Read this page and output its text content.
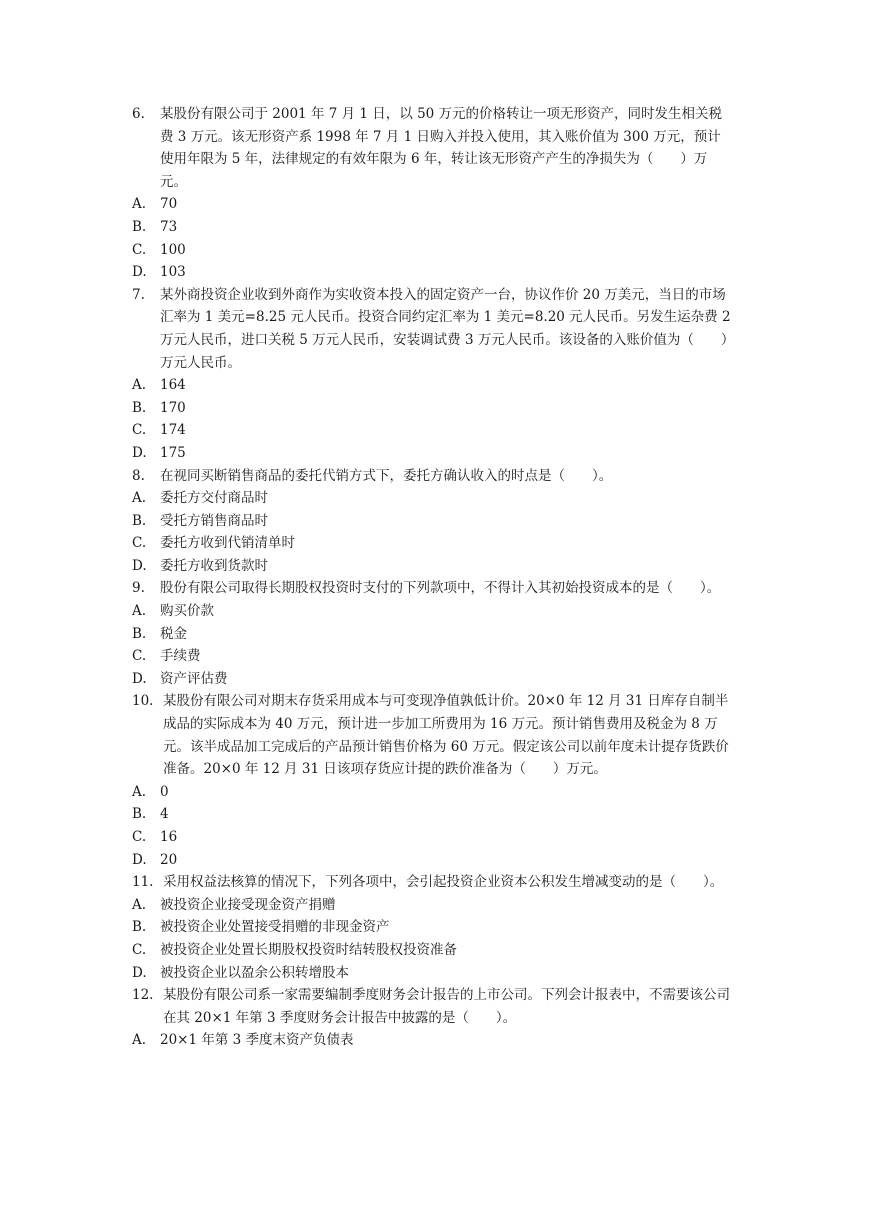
6.	某股份有限公司于 2001 年 7 月 1 日，以 50 万元的价格转让一项无形资产，同时发生相关税费 3 万元。该无形资产系 1998 年 7 月 1 日购入并投入使用，其入账价值为 300 万元，预计使用年限为 5 年，法律规定的有效年限为 6 年，转让该无形资产产生的净损失为（　　）万元。
A.	70
B.	73
C.	100
D. 103
7.	某外商投资企业收到外商作为实收资本投入的固定资产一台，协议作价 20 万美元，当日的市场汇率为 1 美元=8.25 元人民币。投资合同约定汇率为 1 美元=8.20 元人民币。另发生运杂费 2 万元人民币，进口关税 5 万元人民币，安装调试费 3 万元人民币。该设备的入账价值为（　　）万元人民币。
A.	164
B.	170
C.	174
D. 175
8.	在视同买断销售商品的委托代销方式下，委托方确认收入的时点是（　　）。
A.	委托方交付商品时
B.	受托方销售商品时
C.	委托方收到代销清单时
D. 委托方收到货款时
9.	股份有限公司取得长期股权投资时支付的下列款项中，不得计入其初始投资成本的是（　　）。
A.	购买价款
B.	税金
C.	手续费
D. 资产评估费
10. 某股份有限公司对期末存货采用成本与可变现净值孰低计价。20×0 年 12 月 31 日库存自制半成品的实际成本为 40 万元，预计进一步加工所费用为 16 万元。预计销售费用及税金为 8 万元。该半成品加工完成后的产品预计销售价格为 60 万元。假定该公司以前年度未计提存货跌价准备。20×0 年 12 月 31 日该项存货应计提的跌价准备为（　　）万元。
A.	0
B.	4
C.	16
D. 20
11. 采用权益法核算的情况下，下列各项中，会引起投资企业资本公积发生增减变动的是（　　）。
A.	被投资企业接受现金资产捐赠
B.	被投资企业处置接受捐赠的非现金资产
C.	被投资企业处置长期股权投资时结转股权投资准备
D. 被投资企业以盈余公积转增股本
12. 某股份有限公司系一家需要编制季度财务会计报告的上市公司。下列会计报表中，不需要该公司在其 20×1 年第 3 季度财务会计报告中披露的是（　　）。
A.	20×1 年第 3 季度末资产负债表
